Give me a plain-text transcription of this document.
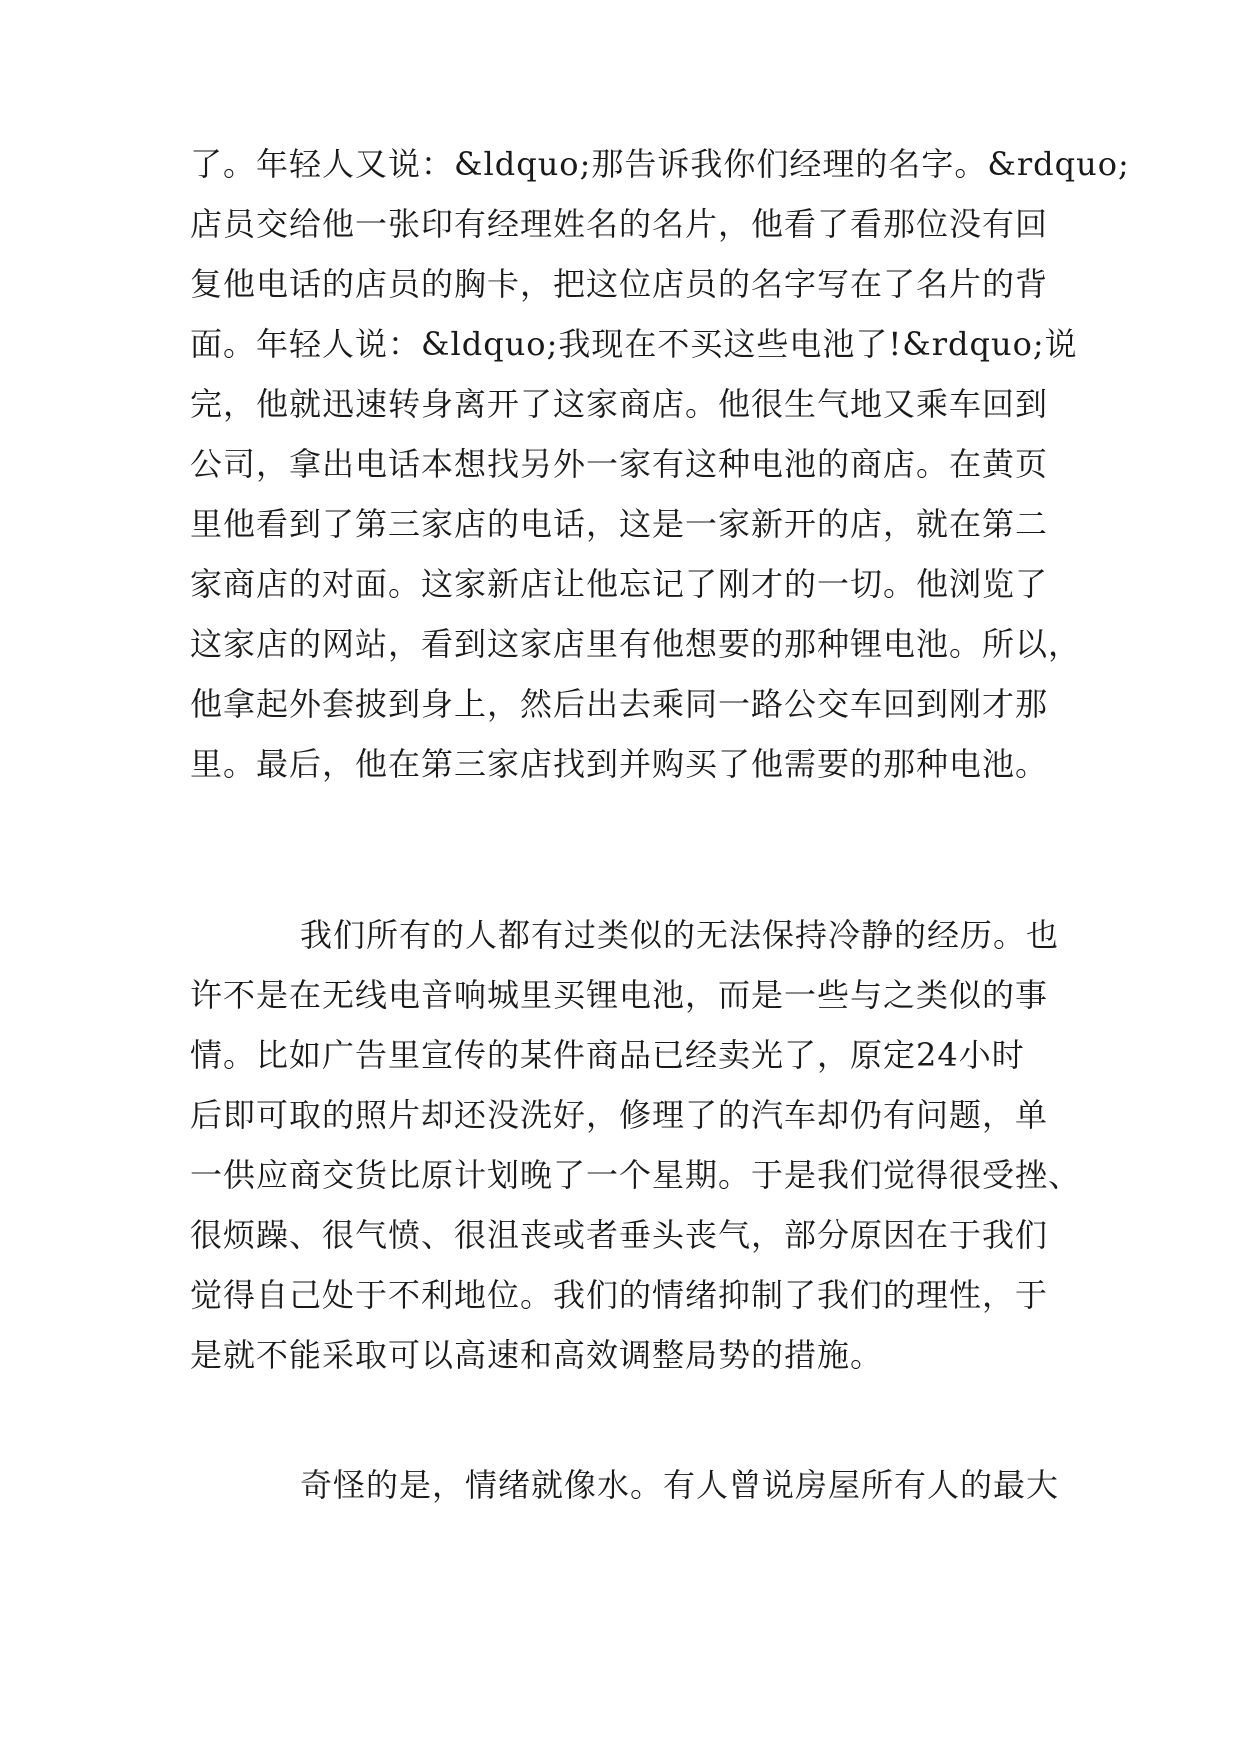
了。年轻人又说：&ldquo;那告诉我你们经理的名字。&rdquo;
店员交给他一张印有经理姓名的名片，他看了看那位没有回
复他电话的店员的胸卡，把这位店员的名字写在了名片的背
面。年轻人说：&ldquo;我现在不买这些电池了!&rdquo;说
完，他就迅速转身离开了这家商店。他很生气地又乘车回到
公司，拿出电话本想找另外一家有这种电池的商店。在黄页
里他看到了第三家店的电话，这是一家新开的店，就在第二
家商店的对面。这家新店让他忘记了刚才的一切。他浏览了
这家店的网站，看到这家店里有他想要的那种锂电池。所以，
他拿起外套披到身上，然后出去乘同一路公交车回到刚才那
里。最后，他在第三家店找到并购买了他需要的那种电池。
我们所有的人都有过类似的无法保持冷静的经历。也
许不是在无线电音响城里买锂电池，而是一些与之类似的事
情。比如广告里宣传的某件商品已经卖光了，原定24小时
后即可取的照片却还没洗好，修理了的汽车却仍有问题，单
一供应商交货比原计划晚了一个星期。于是我们觉得很受挫、
很烦躁、很气愤、很沮丧或者垂头丧气，部分原因在于我们
觉得自己处于不利地位。我们的情绪抑制了我们的理性，于
是就不能采取可以高速和高效调整局势的措施。
奇怪的是，情绪就像水。有人曾说房屋所有人的最大
